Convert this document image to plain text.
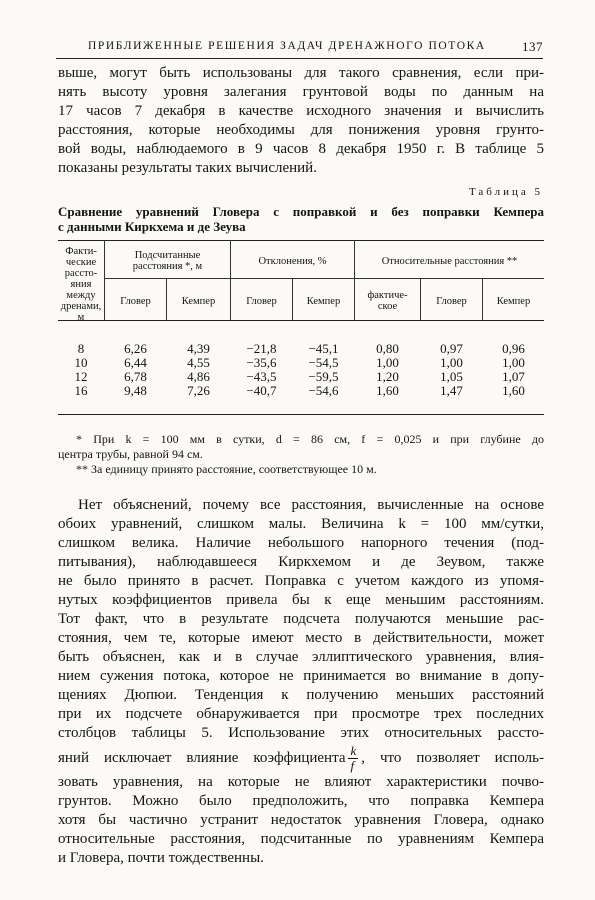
ПРИБЛИЖЕННЫЕ РЕШЕНИЯ ЗАДАЧ ДРЕНАЖНОГО ПОТОКА	137
выше, могут быть использованы для такого сравнения, если при-
нять высоту уровня залегания грунтовой воды по данным на
17 часов 7 декабря в качестве исходного значения и вычислить
расстояния, которые необходимы для понижения уровня грунто-
вой воды, наблюдаемого в 9 часов 8 декабря 1950 г. В таблице 5
показаны результаты таких вычислений.
Таблица 5
Сравнение уравнений Гловера с поправкой и без поправки Кемпера
с данными Киркхема и де Зеува
Факти-
ческие
рассто-
яния
между
дренами,
м
Подсчитанные
расстояния *, м	Отклонения, %	Относительные расстояния **
Гловер	Кемпер	Гловер	Кемпер
фактиче-
ское	Гловер	Кемпер
8	6,26	4,39	−21,8	−45,1	0,80	0,97	0,96
10	6,44	4,55	−35,6	−54,5	1,00	1,00	1,00
12	6,78	4,86	−43,5	−59,5	1,20	1,05	1,07
16	9,48	7,26	−40,7	−54,6	1,60	1,47	1,60
* При k = 100 мм в сутки, d = 86 см, f = 0,025 и при глубине до
центра трубы, равной 94 см.
** За единицу принято расстояние, соответствующее 10 м.
Нет объяснений, почему все расстояния, вычисленные на основе
обоих уравнений, слишком малы. Величина k = 100 мм/сутки,
слишком велика. Наличие небольшого напорного течения (под-
питывания), наблюдавшееся Киркхемом и де Зеувом, также
не было принято в расчет. Поправка с учетом каждого из упомя-
нутых коэффициентов привела бы к еще меньшим расстояниям.
Тот факт, что в результате подсчета получаются меньшие рас-
стояния, чем те, которые имеют место в действительности, может
быть объяснен, как и в случае эллиптического уравнения, влия-
нием сужения потока, которое не принимается во внимание в допу-
щениях Дюпюи. Тенденция к получению меньших расстояний
при их подсчете обнаруживается при просмотре трех последних
столбцов таблицы 5. Использование этих относительных рассто-
яний исключает влияние коэффициента $\frac{k}{f}$ , что позволяет исполь-
зовать уравнения, на которые не влияют характеристики почво-
грунтов. Можно было предположить, что поправка Кемпера
хотя бы частично устранит недостаток уравнения Гловера, однако
относительные расстояния, подсчитанные по уравнениям Кемпера
и Гловера, почти тождественны.
